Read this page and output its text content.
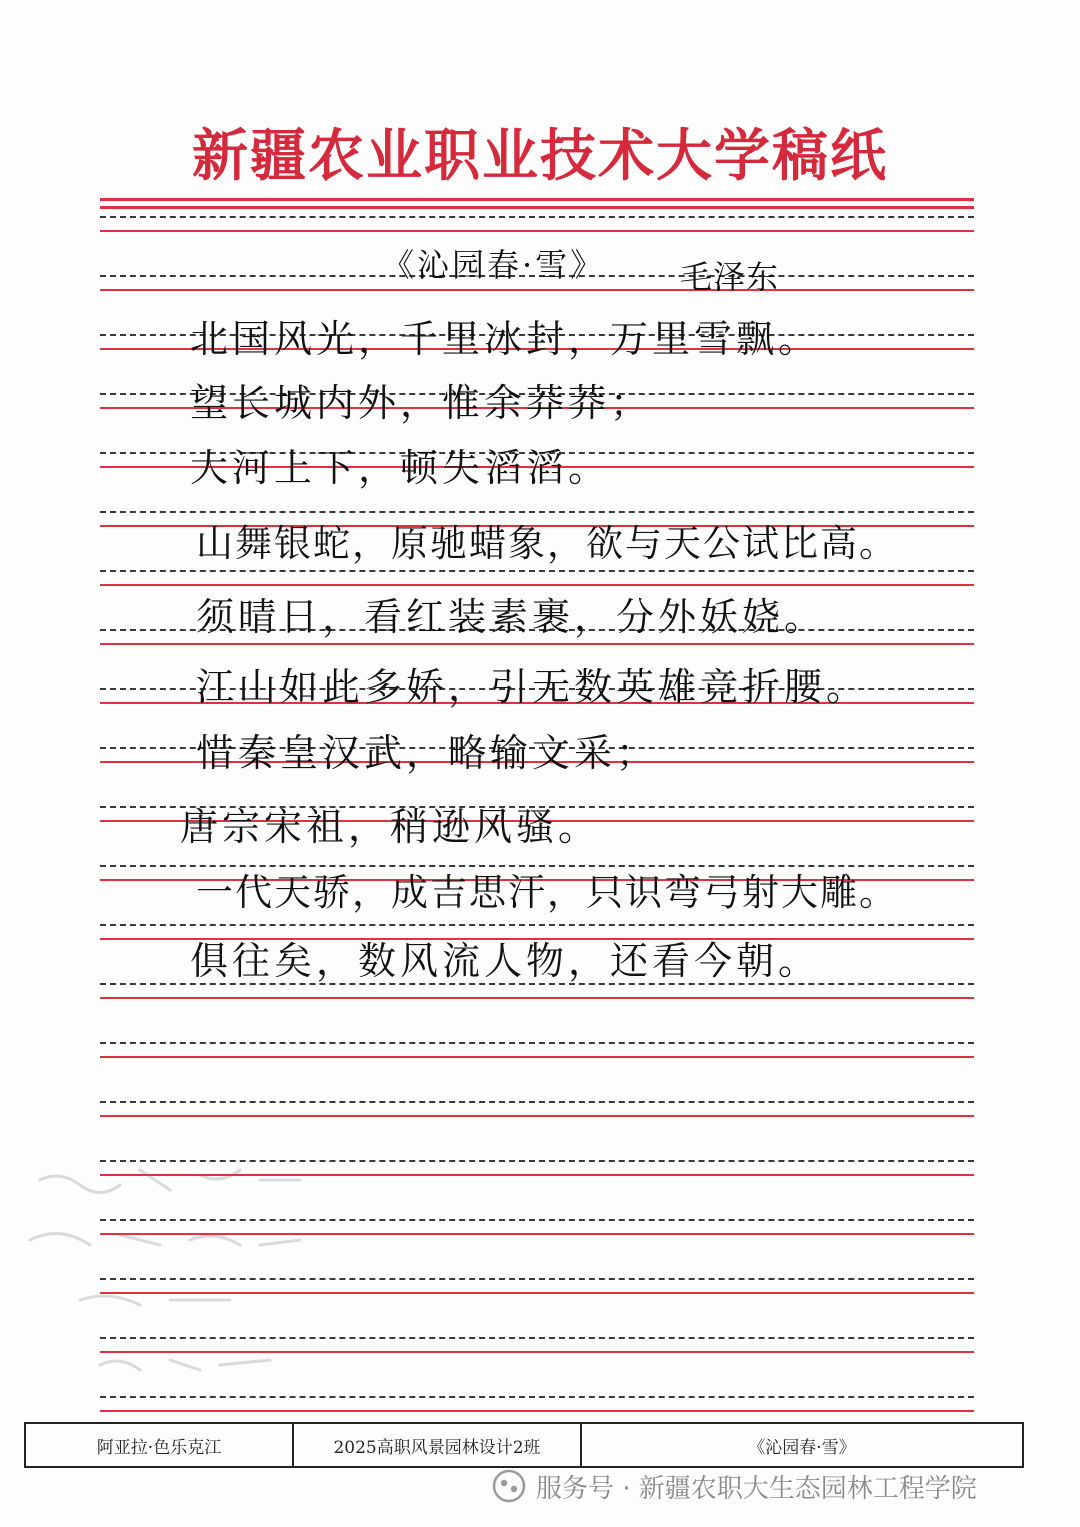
新疆农业职业技术大学稿纸
《沁园春·雪》 毛泽东
北国风光，千里冰封，万里雪飘。
望长城内外，惟余莽莽；
大河上下，顿失滔滔。
山舞银蛇，原驰蜡象，欲与天公试比高。
须晴日，看红装素裹，分外妖娆。
江山如此多娇，引无数英雄竞折腰。
惜秦皇汉武，略输文采；
唐宗宋祖，稍逊风骚。
一代天骄，成吉思汗，只识弯弓射大雕。
俱往矣，数风流人物，还看今朝。
阿亚拉·色乐克江	2025高职风景园林设计2班	《沁园春·雪》
服务号 · 新疆农职大生态园林工程学院
